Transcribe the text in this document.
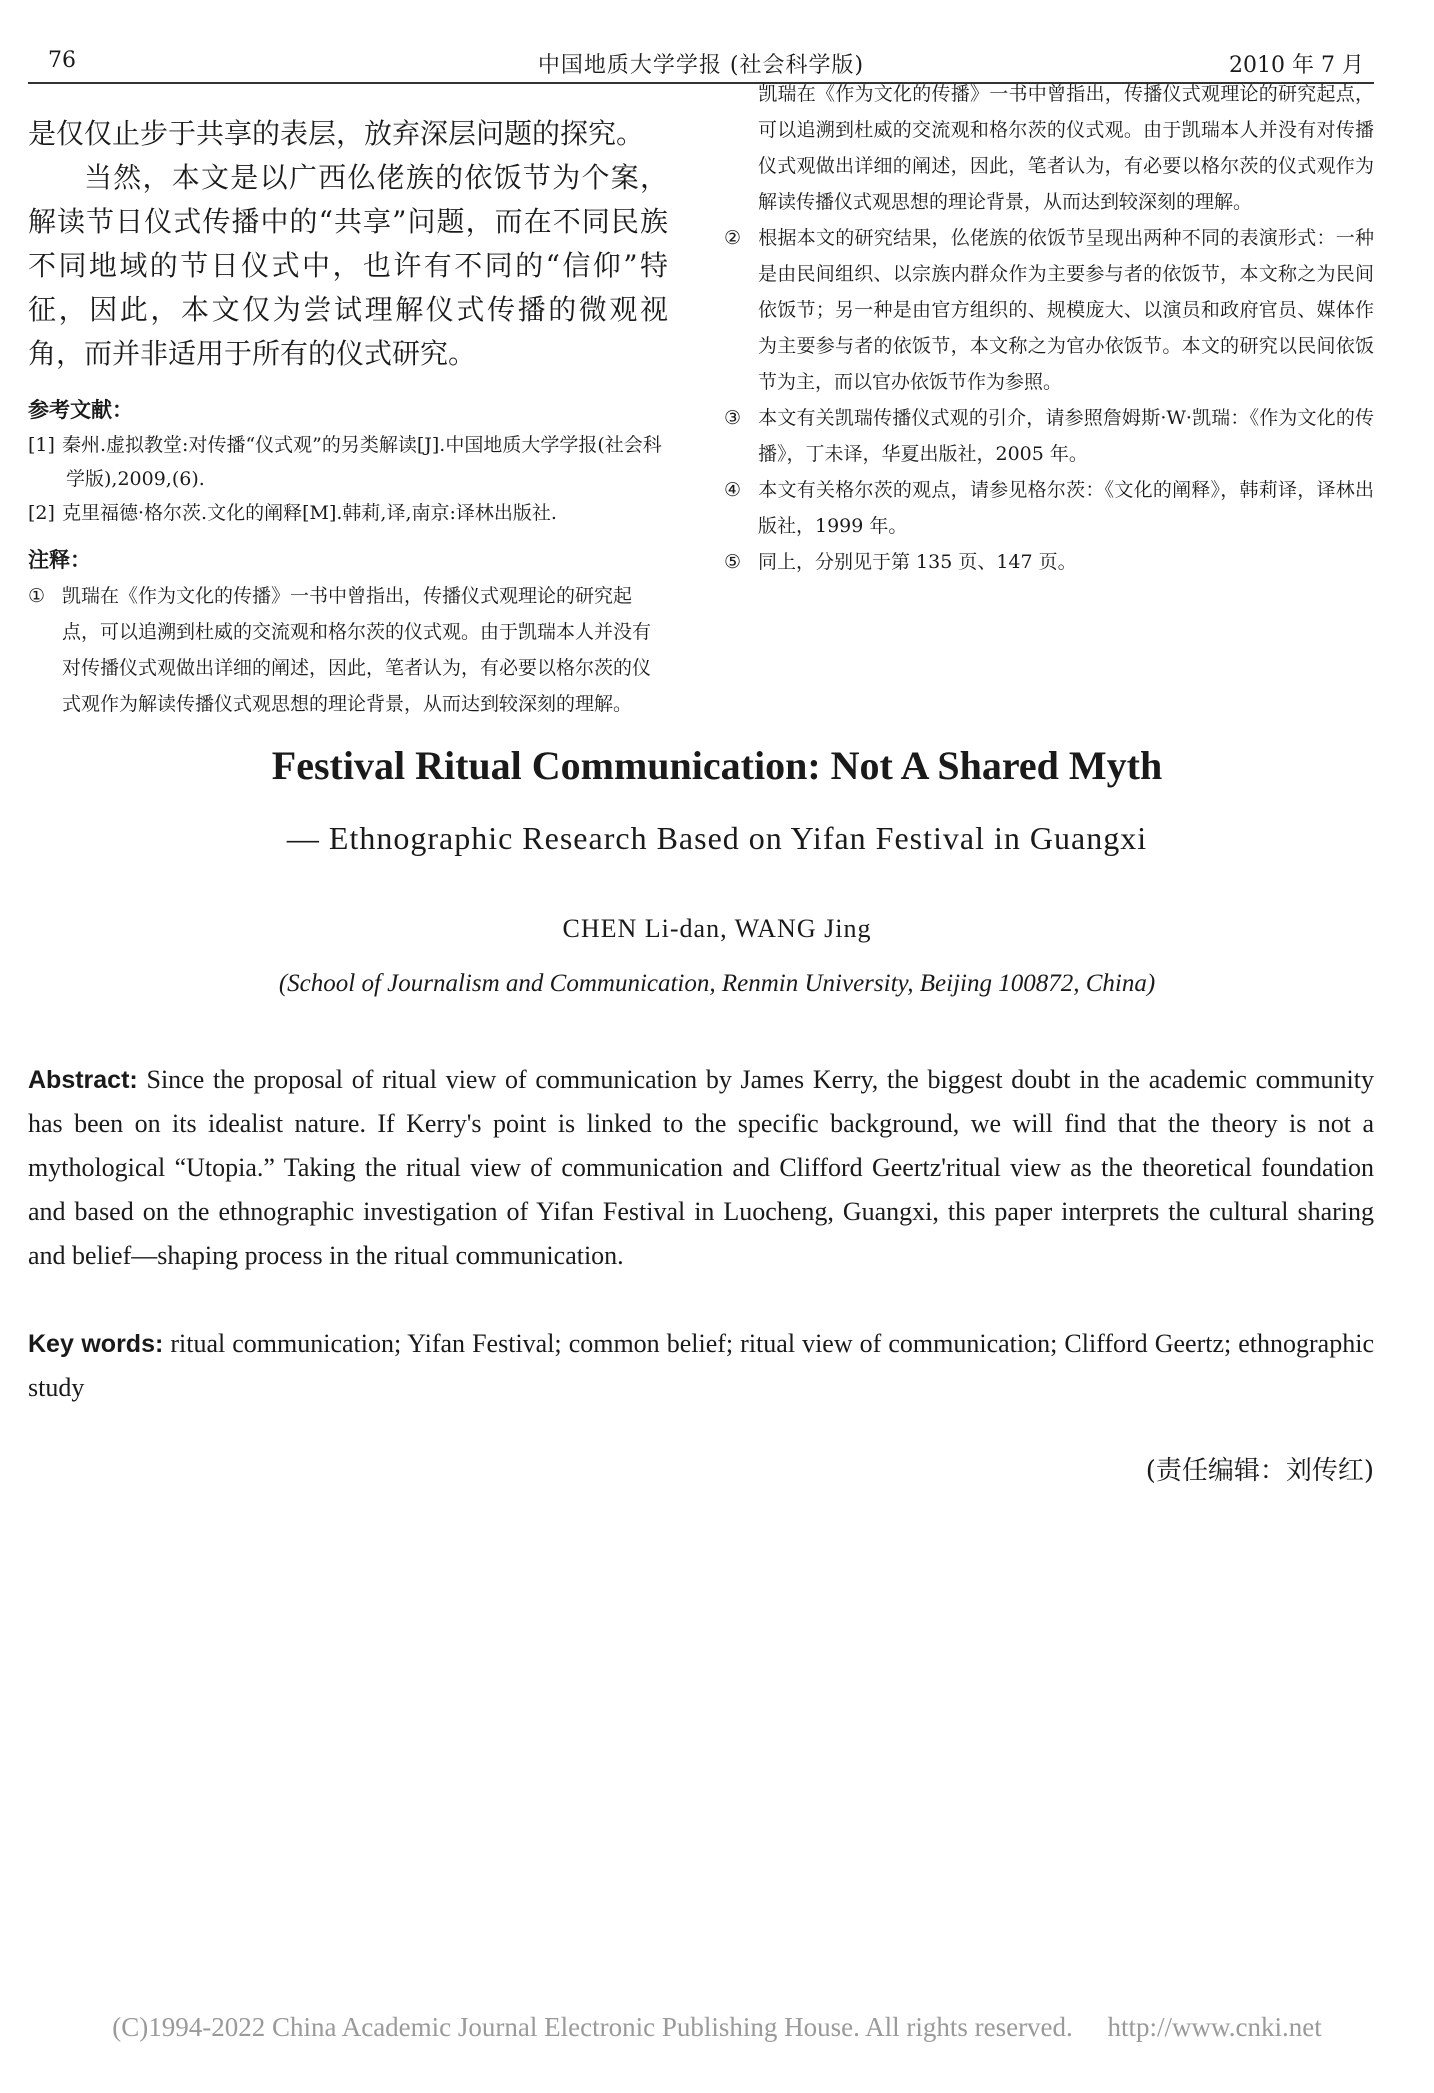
76	中国地质大学学报 (社会科学版)	2010 年 7 月

是仅仅止步于共享的表层，放弃深层问题的探究。

当然，本文是以广西仫佬族的依饭节为个案，解读节日仪式传播中的“共享”问题，而在不同民族不同地域的节日仪式中，也许有不同的“信仰”特征，因此，本文仅为尝试理解仪式传播的微观视角，而并非适用于所有的仪式研究。

参考文献：

[1] 秦州.虚拟教堂:对传播“仪式观”的另类解读[J].中国地质大学学报(社会科学版),2009,(6).

[2] 克里福德·格尔茨.文化的阐释[M].韩莉,译,南京:译林出版社.

注释：

① 凯瑞在《作为文化的传播》一书中曾指出，传播仪式观理论的研究起点，可以追溯到杜威的交流观和格尔茨的仪式观。由于凯瑞本人并没有对传播仪式观做出详细的阐述，因此，笔者认为，有必要以格尔茨的仪式观作为解读传播仪式观思想的理论背景，从而达到较深刻的理解。

凯瑞在《作为文化的传播》一书中曾指出，传播仪式观理论的研究起点，可以追溯到杜威的交流观和格尔茨的仪式观。由于凯瑞本人并没有对传播仪式观做出详细的阐述，因此，笔者认为，有必要以格尔茨的仪式观作为解读传播仪式观思想的理论背景，从而达到较深刻的理解。

② 根据本文的研究结果，仫佬族的依饭节呈现出两种不同的表演形式：一种是由民间组织、以宗族内群众作为主要参与者的依饭节，本文称之为民间依饭节；另一种是由官方组织的、规模庞大、以演员和政府官员、媒体作为主要参与者的依饭节，本文称之为官办依饭节。本文的研究以民间依饭节为主，而以官办依饭节作为参照。

③ 本文有关凯瑞传播仪式观的引介，请参照詹姆斯·W·凯瑞：《作为文化的传播》，丁未译，华夏出版社，2005 年。

④ 本文有关格尔茨的观点，请参见格尔茨：《文化的阐释》，韩莉译，译林出版社，1999 年。

⑤ 同上，分别见于第 135 页、147 页。

Festival Ritual Communication: Not A Shared Myth
— Ethnographic Research Based on Yifan Festival in Guangxi
CHEN Li-dan, WANG Jing
(School of Journalism and Communication, Renmin University, Beijing 100872, China)
Abstract: Since the proposal of ritual view of communication by James Kerry, the biggest doubt in the academic community has been on its idealist nature. If Kerry's point is linked to the specific background, we will find that the theory is not a mythological “Utopia.” Taking the ritual view of communication and Clifford Geertz'ritual view as the theoretical foundation and based on the ethnographic investigation of Yifan Festival in Luocheng, Guangxi, this paper interprets the cultural sharing and belief—shaping process in the ritual communication.
Key words: ritual communication; Yifan Festival; common belief; ritual view of communication; Clifford Geertz; ethnographic study
(责任编辑：刘传红)
(C)1994-2022 China Academic Journal Electronic Publishing House. All rights reserved. http://www.cnki.net
